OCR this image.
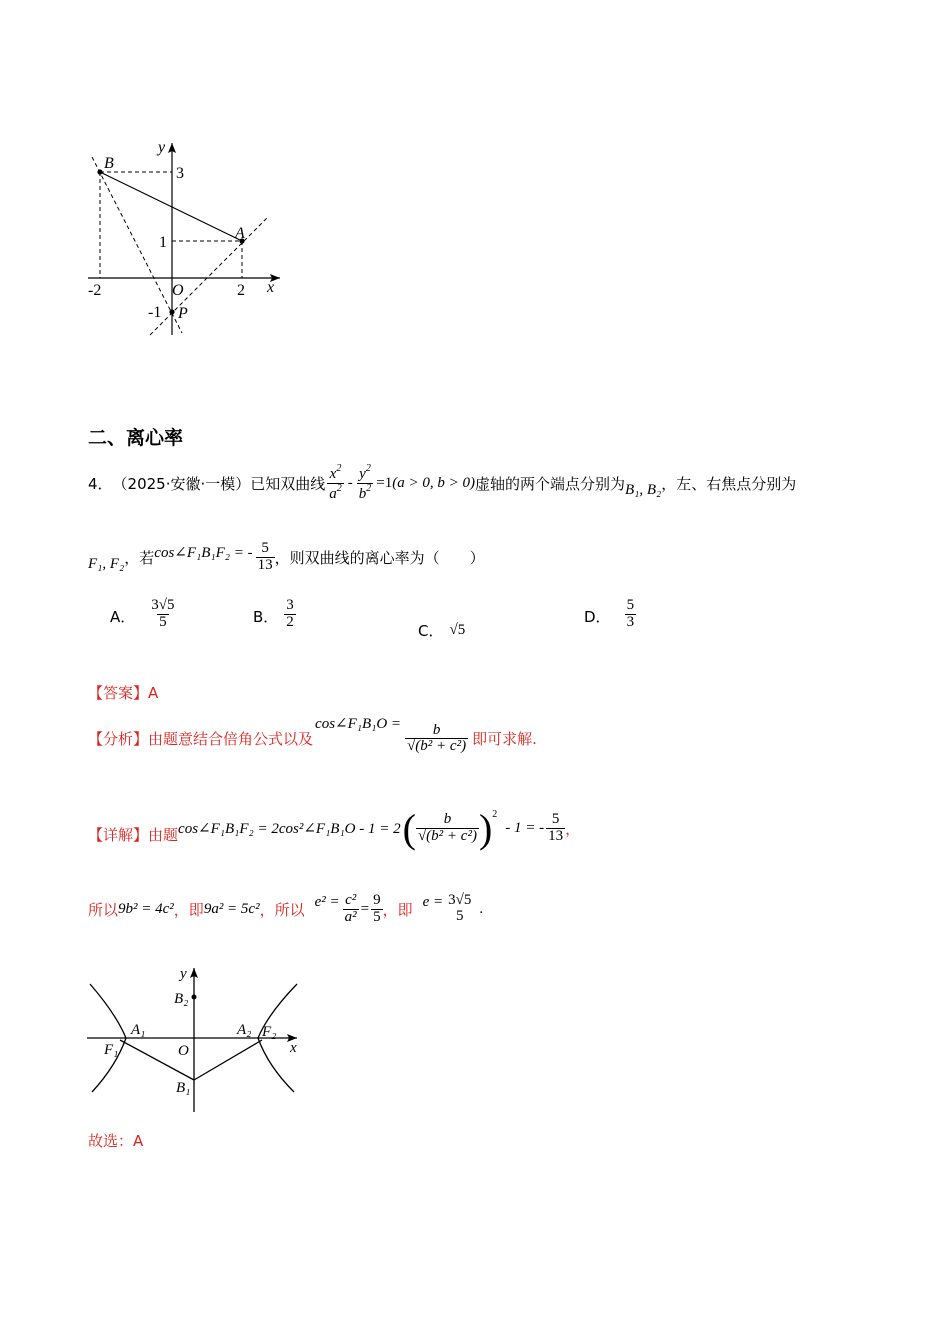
y
B
3
1
A
-2	O	2 x
-1 P
二、离心率
4． （2025·安徽·一模）已知双曲线 $\frac{x^2}{a^2} - \frac{y^2}{b^2} =1$ (a > 0, b > 0) 虚轴的两个端点分别为 B₁, B₂ ，左、右焦点分别为
F₁, F₂ ，若 cos∠F₁B₁F₂ = - $\frac{5}{13}$ ，则双曲线的离心率为（　　）
A． $\frac{3√5}{5}$	B． $\frac{3}{2}$
C． √5
D． $\frac{5}{3}$
【答案】A
【分析】 由题意结合倍角公式以及
cos∠F₁B₁O = $\frac{b}{\text{√(b² + c²)}}$ 即可求解.
【详解】 由题 cos∠F₁B₁F₂ = 2cos²∠F₁B₁O - 1 = 2 ( $\frac{b}{\text{√(b² + c²)}}$ ) 2
- 1 = - $\frac{5}{13}$ ，
所以 9b² = 4c² ，即 9a² = 5c² ，所以 $e^2 = \frac{\text{c²}}{\text{a²}} = \frac{9}{5}$ ，即 e = 3√5
5 .
y
B₂
A₁	A₂ F₂
F₁	O	x
B₁
故选：A
